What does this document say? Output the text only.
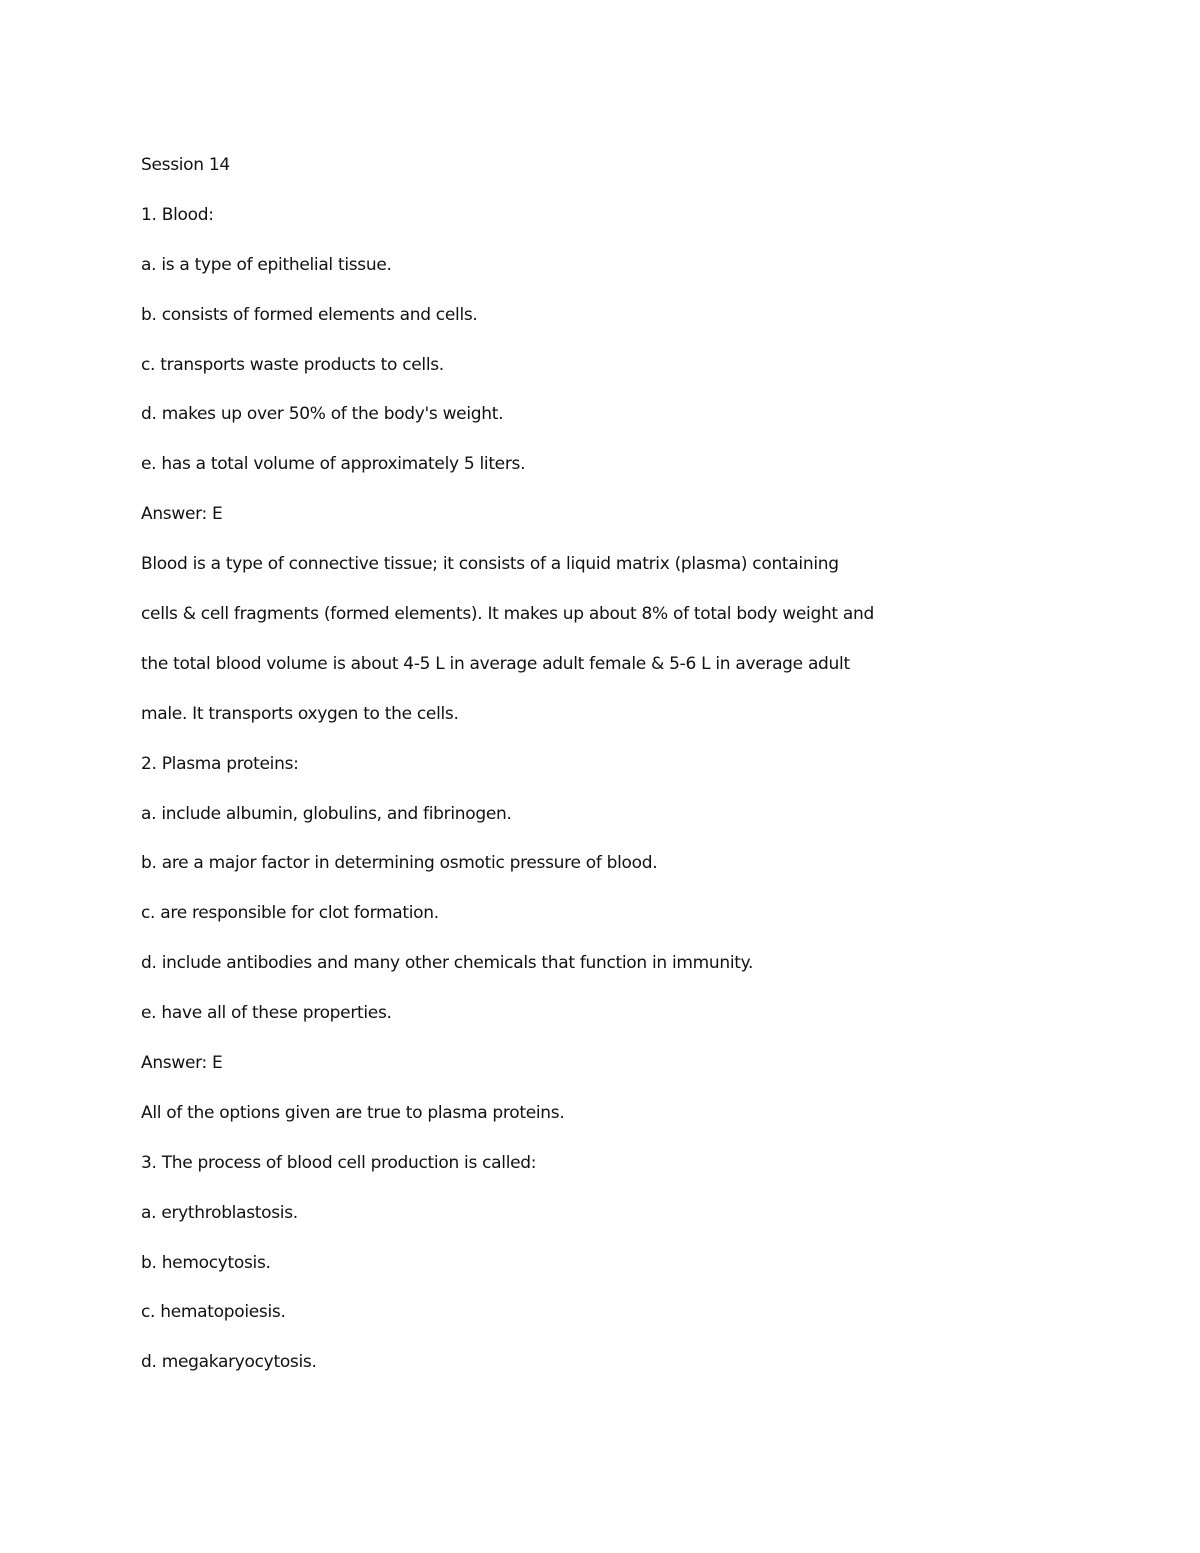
Session 14
1. Blood:
a. is a type of epithelial tissue.
b. consists of formed elements and cells.
c. transports waste products to cells.
d. makes up over 50% of the body's weight.
e. has a total volume of approximately 5 liters.
Answer: E
Blood is a type of connective tissue; it consists of a liquid matrix (plasma) containing
cells & cell fragments (formed elements). It makes up about 8% of total body weight and
the total blood volume is about 4-5 L in average adult female & 5-6 L in average adult
male. It transports oxygen to the cells.
2. Plasma proteins:
a. include albumin, globulins, and fibrinogen.
b. are a major factor in determining osmotic pressure of blood.
c. are responsible for clot formation.
d. include antibodies and many other chemicals that function in immunity.
e. have all of these properties.
Answer: E
All of the options given are true to plasma proteins.
3. The process of blood cell production is called:
a. erythroblastosis.
b. hemocytosis.
c. hematopoiesis.
d. megakaryocytosis.
